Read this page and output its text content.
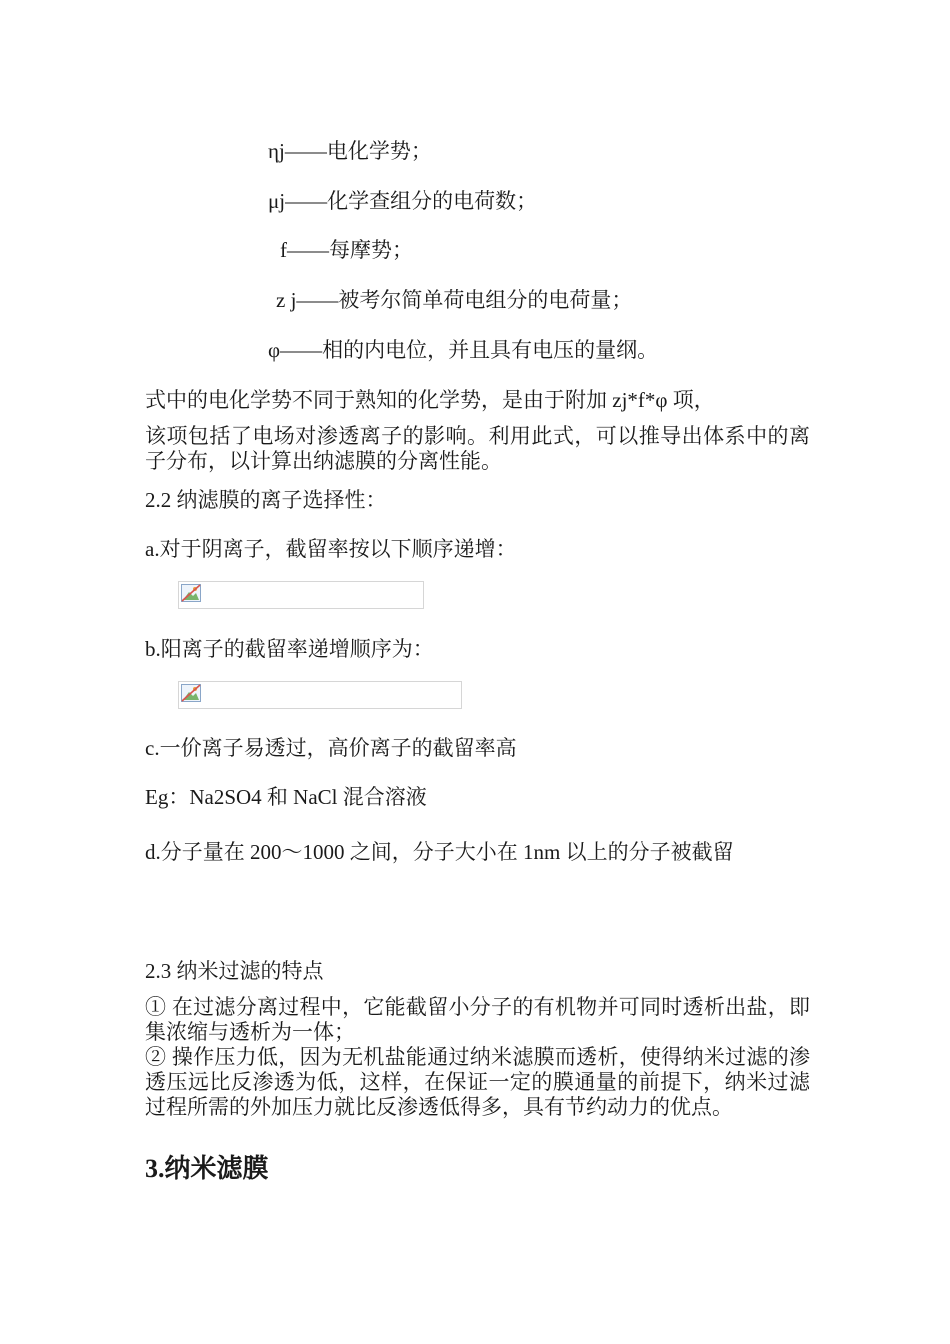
ηj——电化学势；
μj——化学查组分的电荷数；
f——每摩势；
z j——被考尔简单荷电组分的电荷量；
φ——相的内电位，并且具有电压的量纲。
式中的电化学势不同于熟知的化学势，是由于附加 zj*f*φ 项，
该项包括了电场对渗透离子的影响。利用此式，可以推导出体系中的离子分布，以计算出纳滤膜的分离性能。
2.2 纳滤膜的离子选择性：
a.对于阴离子，截留率按以下顺序递增：
b.阳离子的截留率递增顺序为：
c.一价离子易透过，高价离子的截留率高
Eg：Na2SO4 和 NaCl 混合溶液
d.分子量在 200～1000 之间，分子大小在 1nm 以上的分子被截留
2.3 纳米过滤的特点
① 在过滤分离过程中，它能截留小分子的有机物并可同时透析出盐，即集浓缩与透析为一体；
② 操作压力低，因为无机盐能通过纳米滤膜而透析，使得纳米过滤的渗透压远比反渗透为低，这样，在保证一定的膜通量的前提下，纳米过滤过程所需的外加压力就比反渗透低得多，具有节约动力的优点。
3.纳米滤膜
